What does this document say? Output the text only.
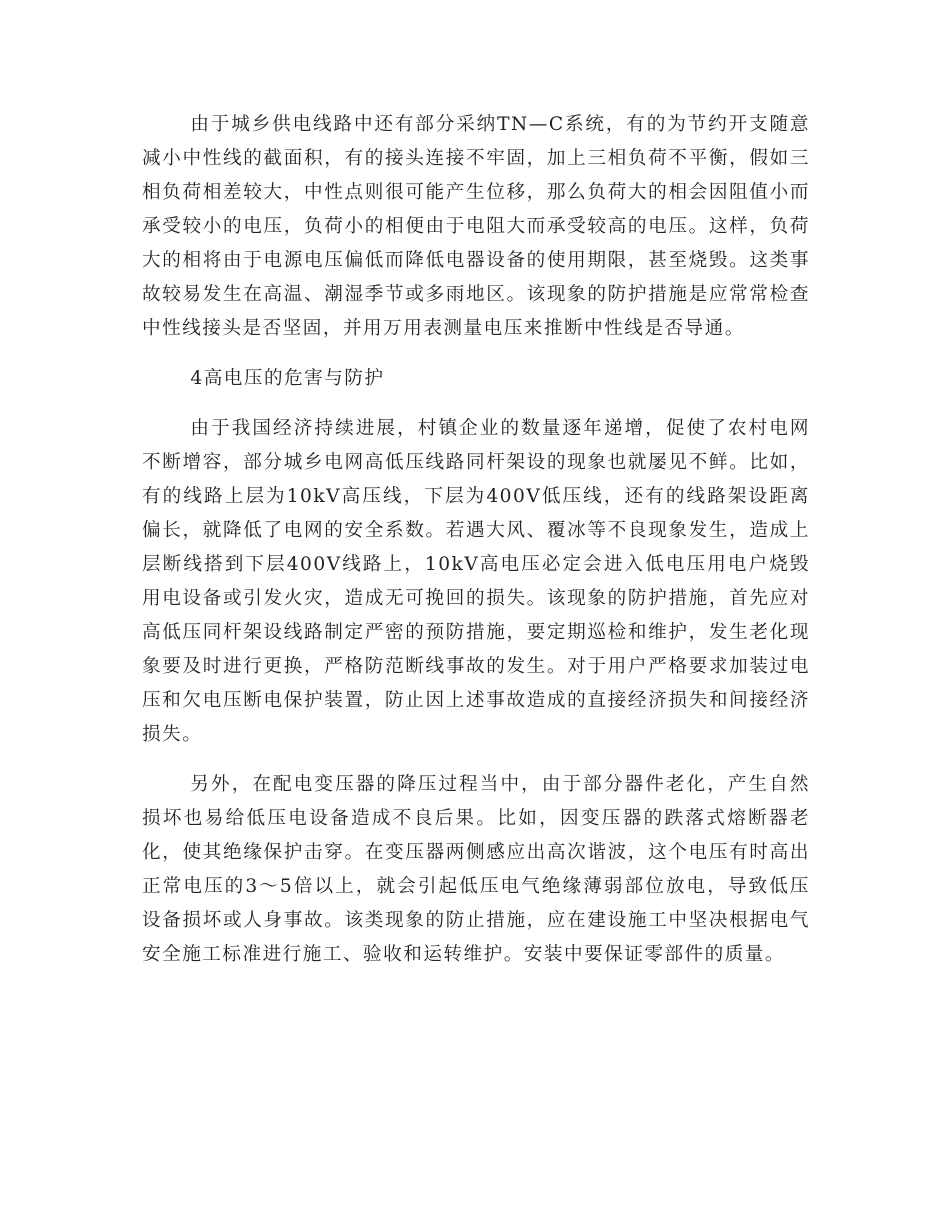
由于城乡供电线路中还有部分采纳TN—C系统，有的为节约开支随意减小中性线的截面积，有的接头连接不牢固，加上三相负荷不平衡，假如三相负荷相差较大，中性点则很可能产生位移，那么负荷大的相会因阻值小而承受较小的电压，负荷小的相便由于电阻大而承受较高的电压。这样，负荷大的相将由于电源电压偏低而降低电器设备的使用期限，甚至烧毁。这类事故较易发生在高温、潮湿季节或多雨地区。该现象的防护措施是应常常检查中性线接头是否坚固，并用万用表测量电压来推断中性线是否导通。

4高电压的危害与防护

由于我国经济持续进展，村镇企业的数量逐年递增，促使了农村电网不断增容，部分城乡电网高低压线路同杆架设的现象也就屡见不鲜。比如，有的线路上层为10kV高压线，下层为400V低压线，还有的线路架设距离偏长，就降低了电网的安全系数。若遇大风、覆冰等不良现象发生，造成上层断线搭到下层400V线路上，10kV高电压必定会进入低电压用电户烧毁用电设备或引发火灾，造成无可挽回的损失。该现象的防护措施，首先应对高低压同杆架设线路制定严密的预防措施，要定期巡检和维护，发生老化现象要及时进行更换，严格防范断线事故的发生。对于用户严格要求加装过电压和欠电压断电保护装置，防止因上述事故造成的直接经济损失和间接经济损失。

另外，在配电变压器的降压过程当中，由于部分器件老化，产生自然损坏也易给低压电设备造成不良后果。比如，因变压器的跌落式熔断器老化，使其绝缘保护击穿。在变压器两侧感应出高次谐波，这个电压有时高出正常电压的3～5倍以上，就会引起低压电气绝缘薄弱部位放电，导致低压设备损坏或人身事故。该类现象的防止措施，应在建设施工中坚决根据电气安全施工标准进行施工、验收和运转维护。安装中要保证零部件的质量。
